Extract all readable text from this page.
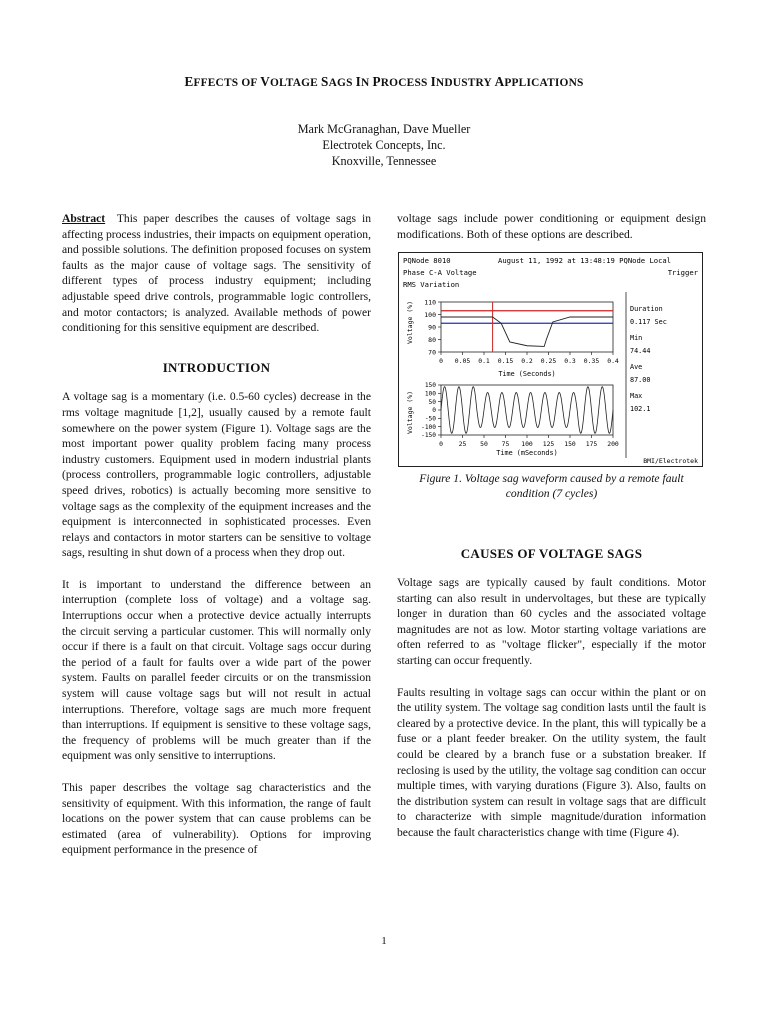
EFFECTS OF VOLTAGE SAGS IN PROCESS INDUSTRY APPLICATIONS
Mark McGranaghan, Dave Mueller
Electrotek Concepts, Inc.
Knoxville, Tennessee

Abstract This paper describes the causes of voltage sags in affecting process industries, their impacts on equipment operation, and possible solutions. The definition proposed focuses on system faults as the major cause of voltage sags. The sensitivity of different types of process industry equipment; including adjustable speed drive controls, programmable logic controllers, and motor contactors; is analyzed. Available methods of power conditioning for this sensitive equipment are described.

INTRODUCTION

A voltage sag is a momentary (i.e. 0.5-60 cycles) decrease in the rms voltage magnitude [1,2], usually caused by a remote fault somewhere on the power system (Figure 1). Voltage sags are the most important power quality problem facing many process industry customers. Equipment used in modern industrial plants (process controllers, programmable logic controllers, adjustable speed drives, robotics) is actually becoming more sensitive to voltage sags as the complexity of the equipment increases and the equipment is interconnected in sophisticated processes. Even relays and contactors in motor starters can be sensitive to voltage sags, resulting in shut down of a process when they drop out.

It is important to understand the difference between an interruption (complete loss of voltage) and a voltage sag. Interruptions occur when a protective device actually interrupts the circuit serving a particular customer. This will normally only occur if there is a fault on that circuit. Voltage sags occur during the period of a fault for faults over a wide part of the power system. Faults on parallel feeder circuits or on the transmission system will cause voltage sags but will not result in actual interruptions. Therefore, voltage sags are much more frequent than interruptions. If equipment is sensitive to these voltage sags, the frequency of problems will be much greater than if the equipment was only sensitive to interruptions.

This paper describes the voltage sag characteristics and the sensitivity of equipment. With this information, the range of fault locations on the power system that can cause problems can be estimated (area of vulnerability). Options for improving equipment performance in the presence of

voltage sags include power conditioning or equipment design modifications. Both of these options are described.
PQNode 8010
Phase C-A Voltage
RMS Variation
August 11, 1992 at 13:48:19 PQNode Local
Trigger
Voltage (%) 110
100
90
80
70
0 0.05 0.1 0.15 0.2 0.25 0.3 0.35 0.4
Time (Seconds)
Voltage (%)
150
100
50
0
-50
-100
-150
0 25 50 75 100 125 150 175 200
Time (mSeconds)
Duration
0.117 Sec
Min
74.44
Ave
87.00
Max
102.1
BMI/Electrotek
Figure 1. Voltage sag waveform caused by a remote fault condition (7 cycles)
CAUSES OF VOLTAGE SAGS

Voltage sags are typically caused by fault conditions. Motor starting can also result in undervoltages, but these are typically longer in duration than 60 cycles and the associated voltage magnitudes are not as low. Motor starting voltage variations are often referred to as "voltage flicker", especially if the motor starting can occur frequently.

Faults resulting in voltage sags can occur within the plant or on the utility system. The voltage sag condition lasts until the fault is cleared by a protective device. In the plant, this will typically be a fuse or a plant feeder breaker. On the utility system, the fault could be cleared by a branch fuse or a substation breaker. If reclosing is used by the utility, the voltage sag condition can occur multiple times, with varying durations (Figure 3). Also, faults on the distribution system can result in voltage sags that are difficult to characterize with simple magnitude/duration information because the fault characteristics change with time (Figure 4).

1
